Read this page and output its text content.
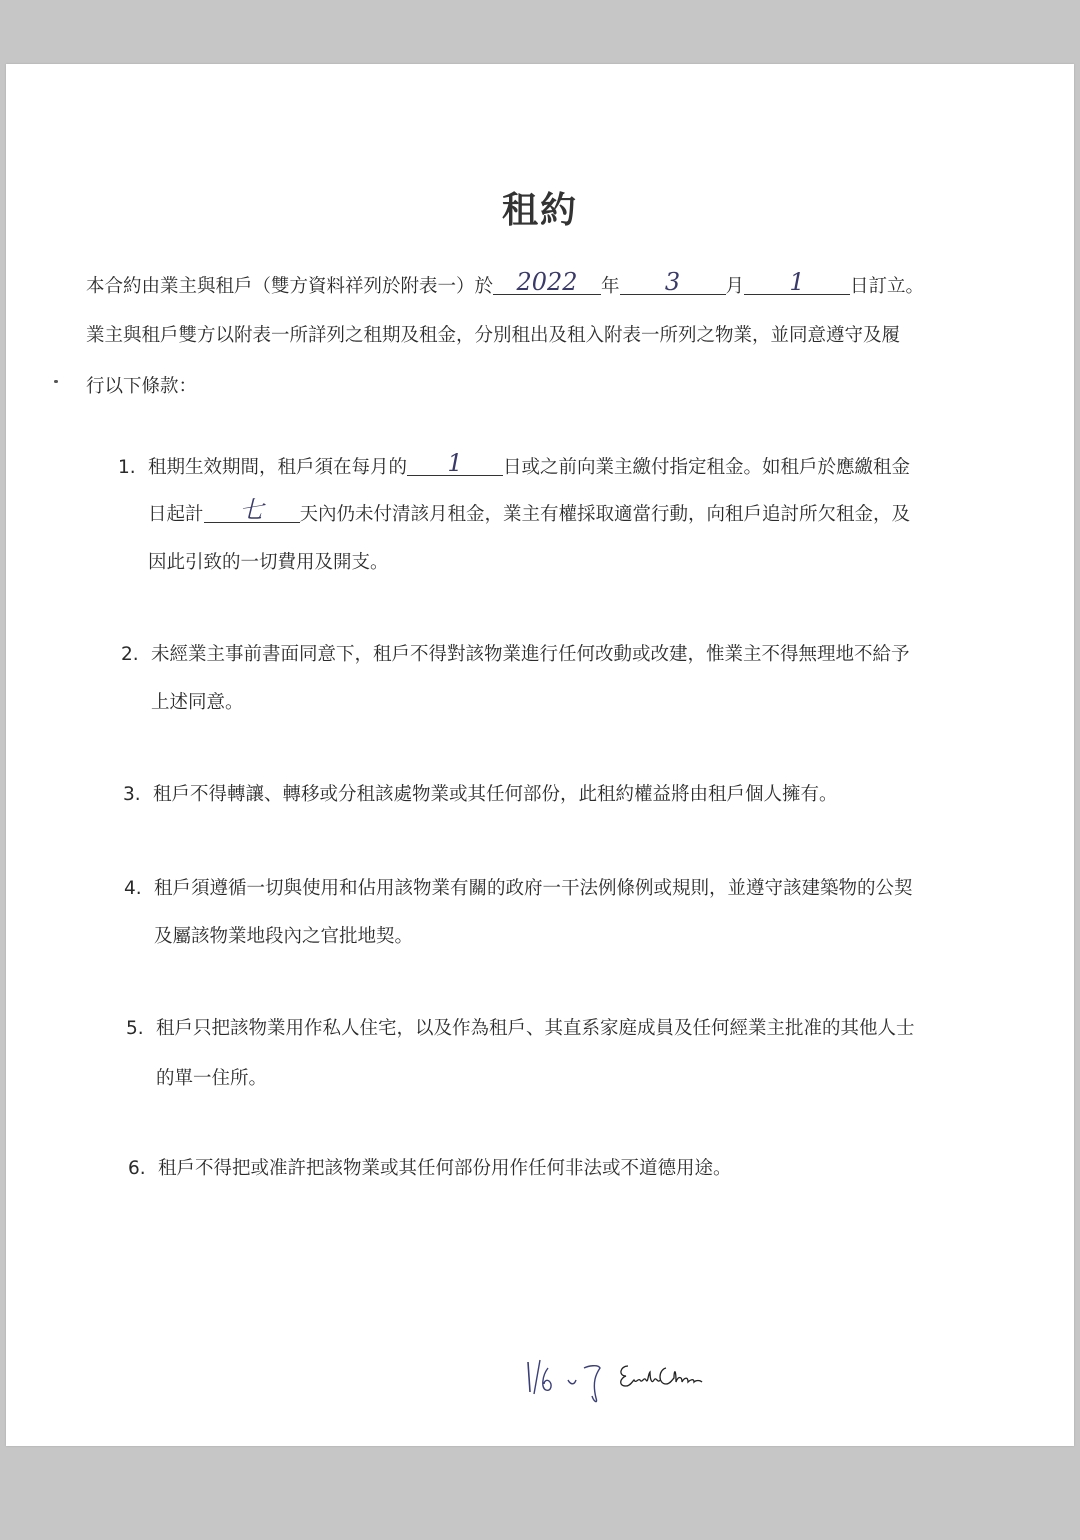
租約
本合約由業主與租戶（雙方資料祥列於附表一）於 2022	年	3	月	1	日訂立。
業主與租戶雙方以附表一所詳列之租期及租金，分別租出及租入附表一所列之物業，並同意遵守及履
行以下條款：
1. 租期生效期間，租戶須在每月的	1	日或之前向業主繳付指定租金。如租戶於應繳租金
日起計	七	天內仍未付清該月租金，業主有權採取適當行動，向租戶追討所欠租金，及
因此引致的一切費用及開支。
2. 未經業主事前書面同意下，租戶不得對該物業進行任何改動或改建，惟業主不得無理地不給予
上述同意。
3. 租戶不得轉讓、轉移或分租該處物業或其任何部份，此租約權益將由租戶個人擁有。
4. 租戶須遵循一切與使用和佔用該物業有關的政府一干法例條例或規則，並遵守該建築物的公契
及屬該物業地段內之官批地契。
5. 租戶只把該物業用作私人住宅，以及作為租戶、其直系家庭成員及任何經業主批准的其他人士
的單一住所。
6. 租戶不得把或准許把該物業或其任何部份用作任何非法或不道德用途。
